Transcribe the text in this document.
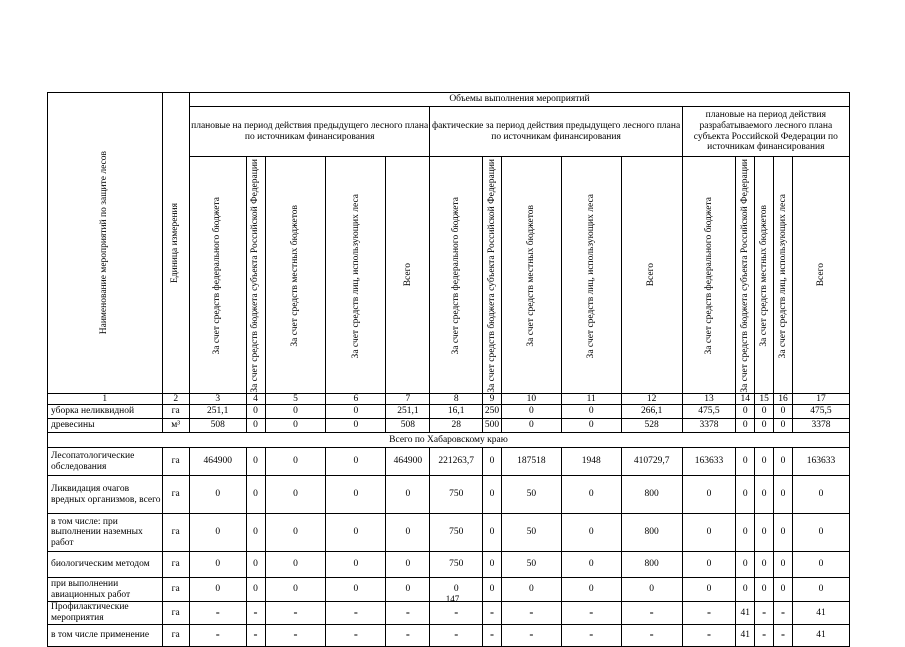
Наименование мероприятий по защите лесов	Единица измерения	Объемы выполнения мероприятий														
		плановые на период действия предыдущего лесного плана по источникам финансирования					фактические за период действия предыдущего лесного плана по источникам финансирования					плановые на период действия разрабатываемого лесного плана субъекта Российской Федерации по источникам финансирования				

		За счет средств федерального бюджета	За счет средств бюджета субъекта Российской Федерации	За счет средств местных бюджетов	За счет средств лиц, использующих леса	Всего	За счет средств федерального бюджета	За счет средств бюджета субъекта Российской Федерации	За счет средств местных бюджетов	За счет средств лиц, использующих леса	Всего	За счет средств федерального бюджета	За счет средств бюджета субъекта Российской Федерации	За счет средств местных бюджетов	За счет средств лиц, использующих леса	Всего

1	2	3	4	5	6	7	8	9	10	11	12	13	14	15	16	17
уборка неликвидной	га	251,1	0	0	0	251,1	16,1	250	0	0	266,1	475,5	0	0	0	475,5
древесины	м³	508	0	0	0	508	28	500	0	0	528	3378	0	0	0	3378
Всего по Хабаровскому краю																
Лесопатологические обследования	га	464900	0	0	0	464900	221263,7	0	187518	1948	410729,7	163633	0	0	0	163633
Ликвидация очагов вредных организмов, всего	га	0	0	0	0	0	750	0	50	0	800	0	0	0	0	0
в том числе: при выполнении наземных работ	га	0	0	0	0	0	750	0	50	0	800	0	0	0	0	0
биологическим методом	га	0	0	0	0	0	750	0	50	0	800	0	0	0	0	0
при выполнении авиационных работ	га	0	0	0	0	0	0	0	0	0	0	0	0	0	0	0
Профилактические мероприятия	га	-	-	-	-	-	-	-	-	-	-	-	41	-	-	41
в том числе применение	га	-	-	-	-	-	-	-	-	-	-	-	41	-	-	41
147
